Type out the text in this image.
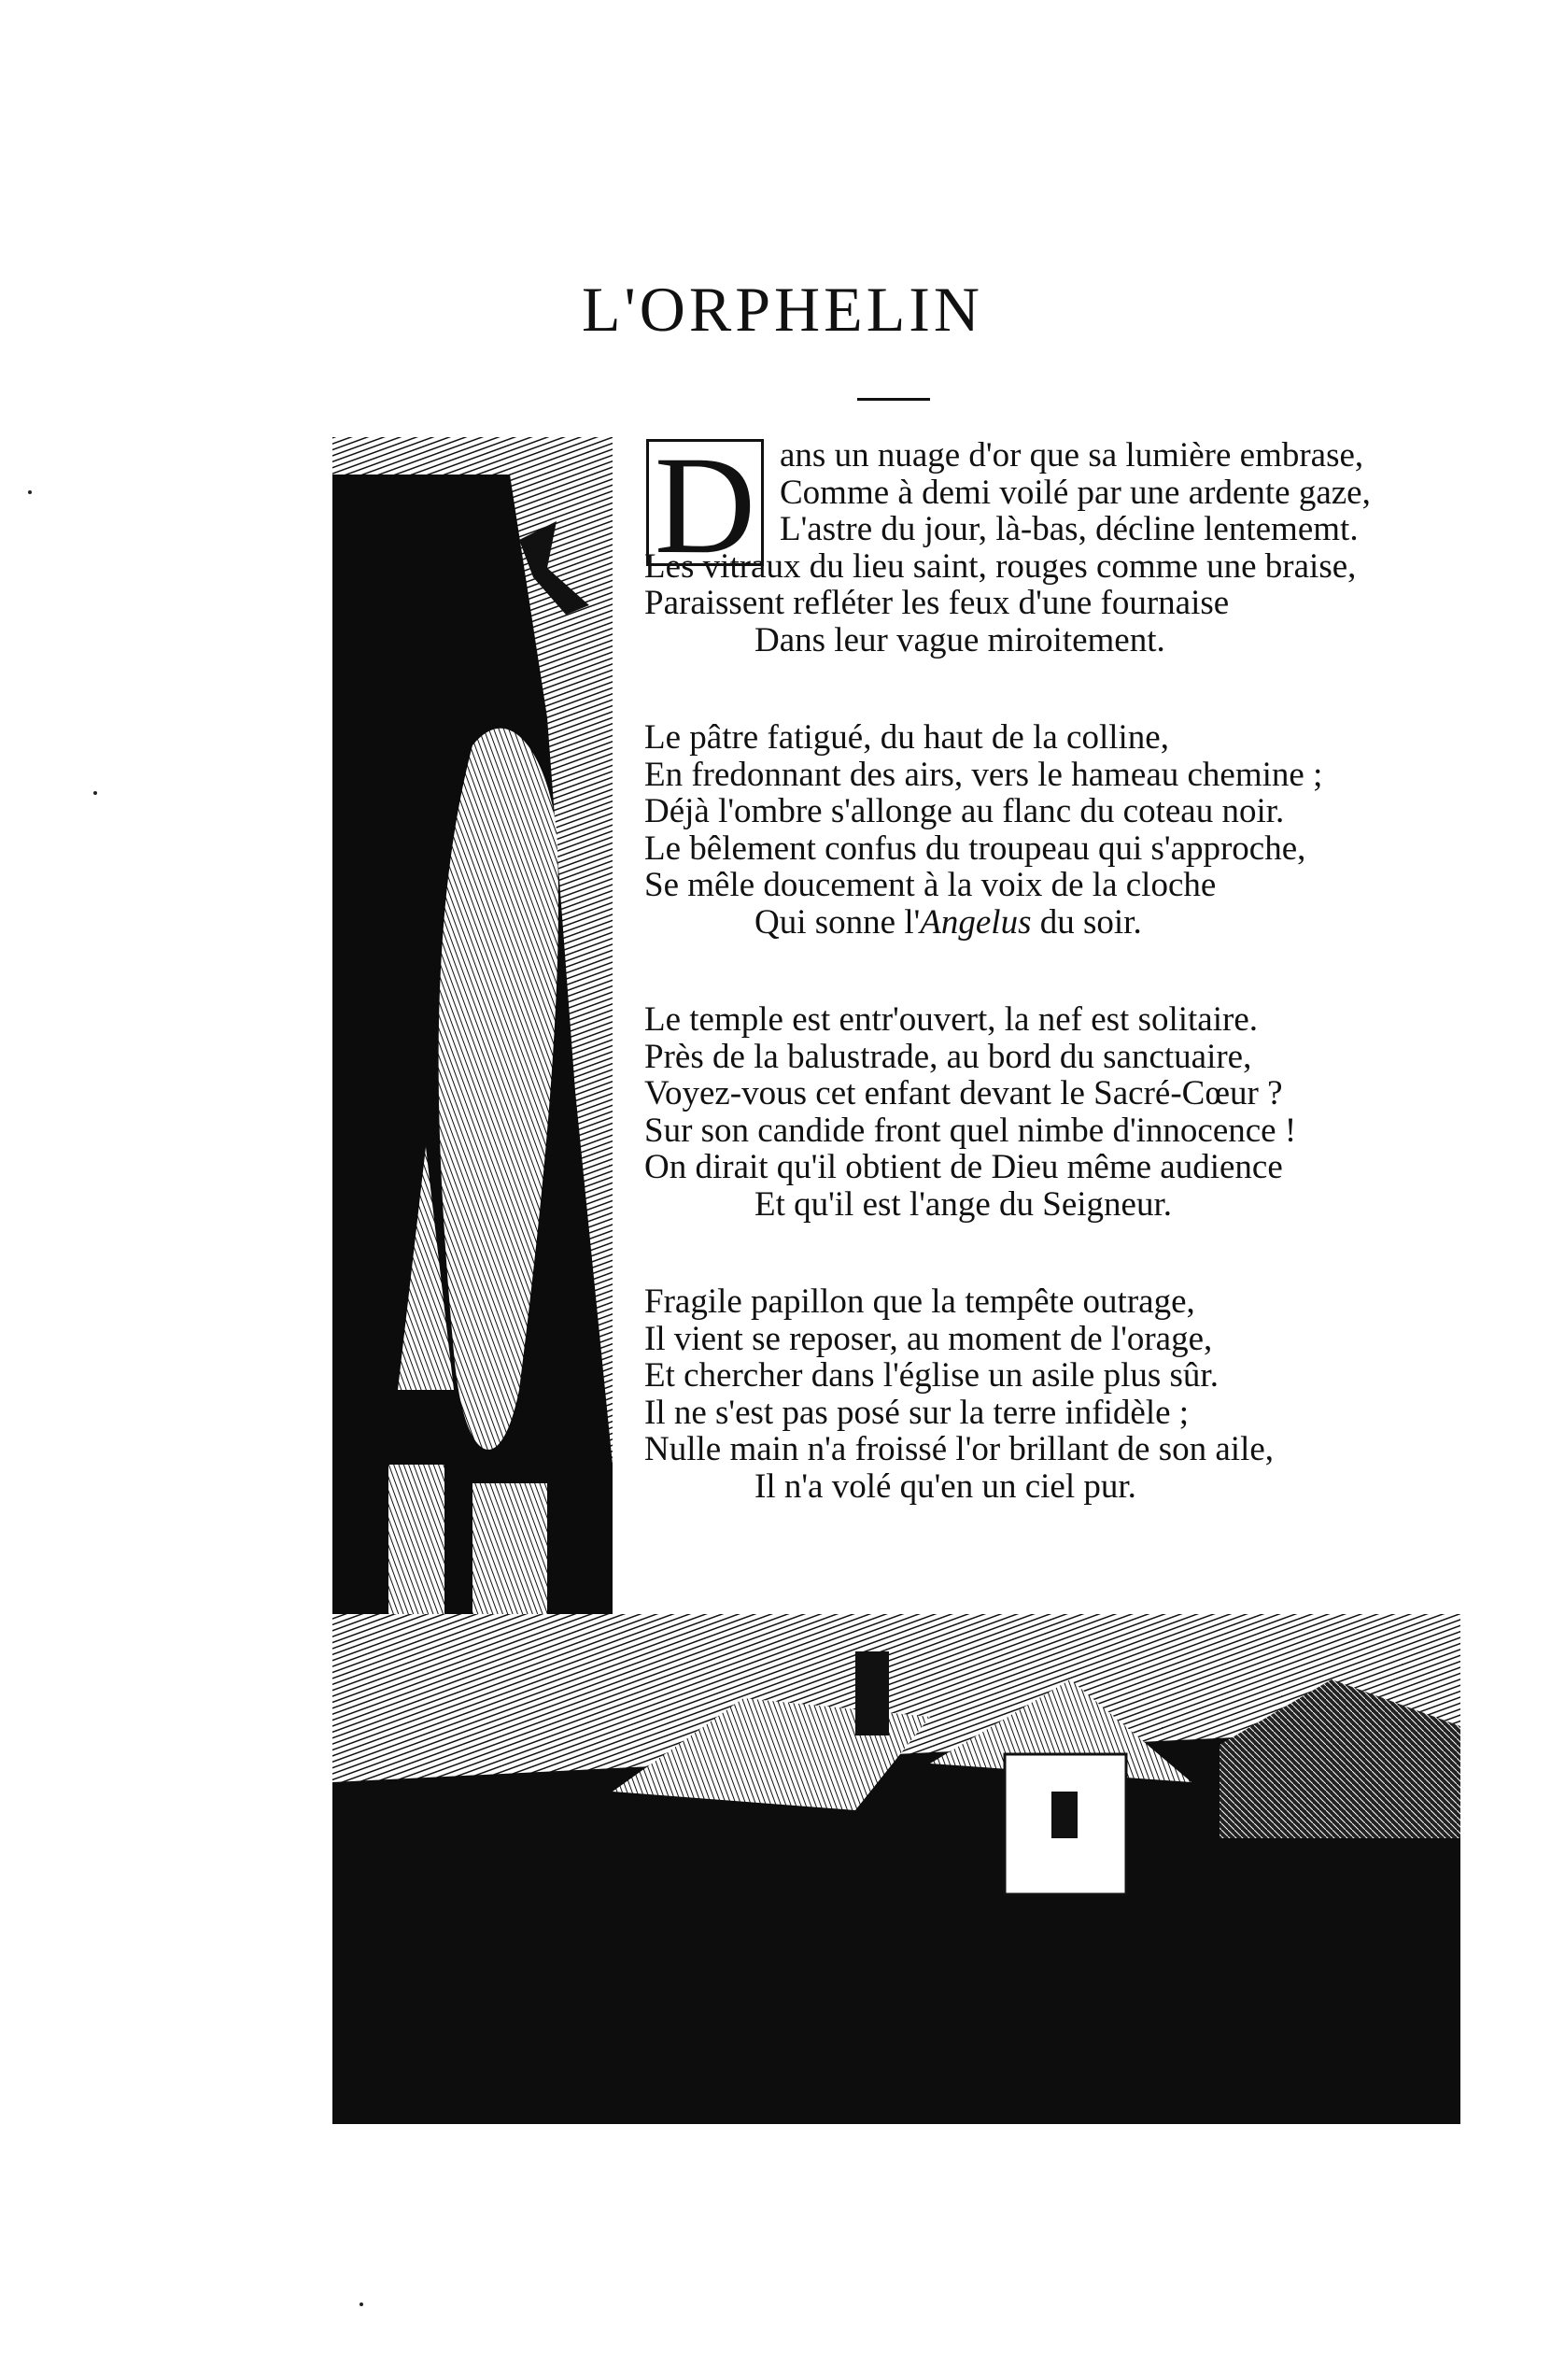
L'ORPHELIN
D ans un nuage d'or que sa lumière embrase,
Comme à demi voilé par une ardente gaze,
L'astre du jour, là-bas, décline lentememt.
Les vitraux du lieu saint, rouges comme une braise,
Paraissent refléter les feux d'une fournaise
Dans leur vague miroitement.
Le pâtre fatigué, du haut de la colline,
En fredonnant des airs, vers le hameau chemine ;
Déjà l'ombre s'allonge au flanc du coteau noir.
Le bêlement confus du troupeau qui s'approche,
Se mêle doucement à la voix de la cloche
Qui sonne l'Angelus du soir.
Le temple est entr'ouvert, la nef est solitaire.
Près de la balustrade, au bord du sanctuaire,
Voyez-vous cet enfant devant le Sacré-Cœur ?
Sur son candide front quel nimbe d'innocence !
On dirait qu'il obtient de Dieu même audience
Et qu'il est l'ange du Seigneur.
Fragile papillon que la tempête outrage,
Il vient se reposer, au moment de l'orage,
Et chercher dans l'église un asile plus sûr.
Il ne s'est pas posé sur la terre infidèle ;
Nulle main n'a froissé l'or brillant de son aile,
Il n'a volé qu'en un ciel pur.
